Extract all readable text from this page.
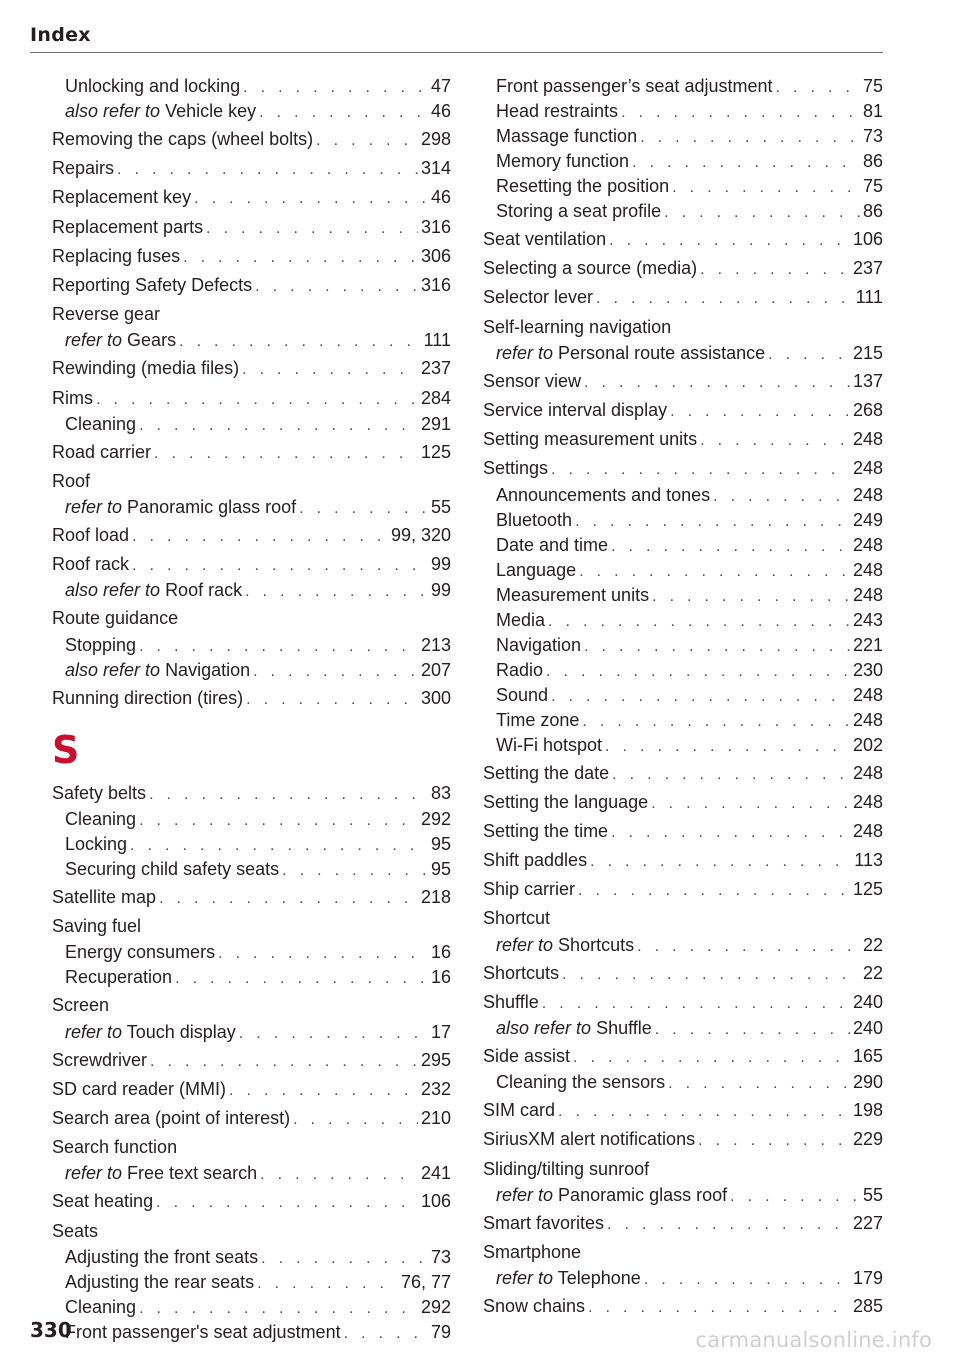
Index
Unlocking and locking . . .	47
also refer to Vehicle key . . .	46
Removing the caps (wheel bolts) . . .	298
Repairs . . .	314
Replacement key . . .	46
Replacement parts . . .	316
Replacing fuses . . .	306
Reporting Safety Defects . . .	316
Reverse gear
refer to Gears . . .	111
Rewinding (media files) . . .	237
Rims . . .	284
Cleaning . . .	291
Road carrier . . .	125
Roof
refer to Panoramic glass roof . . .	55
Roof load . . .	99, 320
Roof rack . . .	99
also refer to Roof rack . . .	99
Route guidance
Stopping . . .	213
also refer to Navigation . . .	207
Running direction (tires) . . .	300
S
Safety belts . . .	83
Cleaning . . .	292
Locking . . .	95
Securing child safety seats . . .	95
Satellite map . . .	218
Saving fuel
Energy consumers . . .	16
Recuperation . . .	16
Screen
refer to Touch display . . .	17
Screwdriver . . .	295
SD card reader (MMI) . . .	232
Search area (point of interest) . . .	210
Search function
refer to Free text search . . .	241
Seat heating . . .	106
Seats
Adjusting the front seats . . .	73
Adjusting the rear seats . . .	76, 77
Cleaning . . .	292
Front passenger's seat adjustment . . .	79
Front passenger’s seat adjustment . . .	75
Head restraints . . .	81
Massage function . . .	73
Memory function . . .	86
Resetting the position . . .	75
Storing a seat profile . . .	86
Seat ventilation . . .	106
Selecting a source (media) . . .	237
Selector lever . . .	111
Self-learning navigation
refer to Personal route assistance . . .	215
Sensor view . . .	137
Service interval display . . .	268
Setting measurement units . . .	248
Settings . . .	248
Announcements and tones . . .	248
Bluetooth . . .	249
Date and time . . .	248
Language . . .	248
Measurement units . . .	248
Media . . .	243
Navigation . . .	221
Radio . . .	230
Sound . . .	248
Time zone . . .	248
Wi-Fi hotspot . . .	202
Setting the date . . .	248
Setting the language . . .	248
Setting the time . . .	248
Shift paddles . . .	113
Ship carrier . . .	125
Shortcut
refer to Shortcuts . . .	22
Shortcuts . . .	22
Shuffle . . .	240
also refer to Shuffle . . .	240
Side assist . . .	165
Cleaning the sensors . . .	290
SIM card . . .	198
SiriusXM alert notifications . . .	229
Sliding/tilting sunroof
refer to Panoramic glass roof . . .	55
Smart favorites . . .	227
Smartphone
refer to Telephone . . .	179
Snow chains . . .	285
330	carmanualsonline.info
